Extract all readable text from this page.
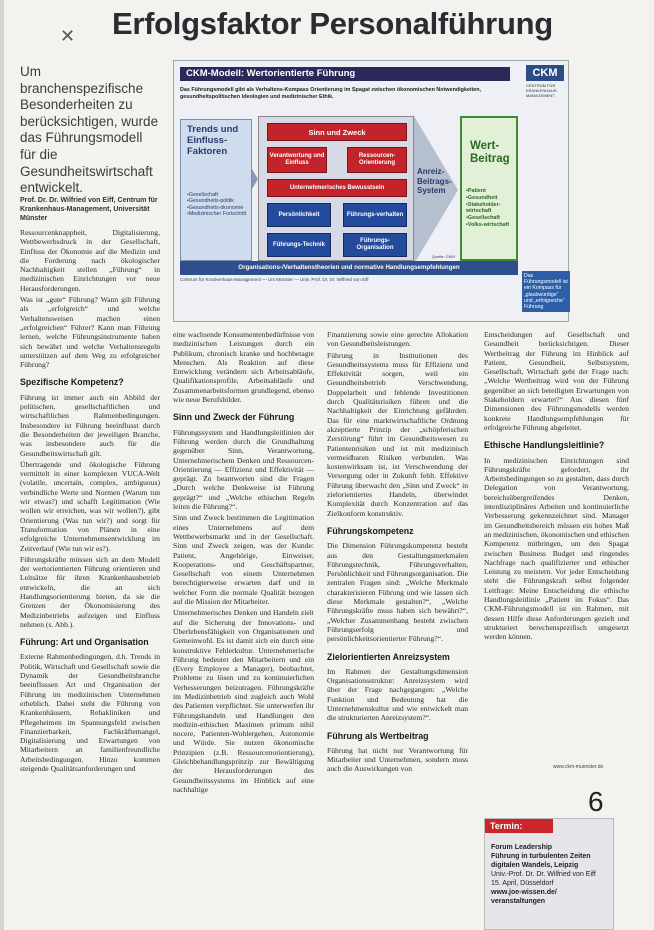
✕ Erfolgsfaktor Personalführung
Um branchenspezifische Besonderheiten zu berücksichtigen, wurde das Führungsmodell für die Gesundheitswirtschaft entwickelt.
Prof. Dr. Dr. Wilfried von Eiff, Centrum für Krankenhaus-Management, Universität Münster
CKM-Modell: Wertorientierte Führung
Das Führungsmodell gibt als Verhaltens-Kompass Orientierung im Spagat zwischen ökonomischen Notwendigkeiten, gesundheitspolitischen Ideologien und medizinischer Ethik.
CKM
CENTRUM FÜR KRANKENHAUS-MANAGEMENT
Trends und Einfluss-Faktoren
•Gesellschaft •Gesundheits-politik •Gesundheits-ökonomie •Medizinischer Fortschritt
Sinn und Zweck
Verantwortung und Einfluss
Ressourcen-Orientierung
Unternehmerisches Bewusstsein
Persönlichkeit	Führungs-verhalten
Führungs-Technik
Führungs-Organisation
Anreiz-Beitrags-System
Quelle: CKM
Wert-Beitrag
•Patient •Gesundheit •Stakeholder-wirtschaft •Gesellschaft •Volks-wirtschaft
Organisations-/Verhaltenstheorien und normative Handlungsempfehlungen
Centrum für Krankenhaus-Management — Uni Münster — Univ. Prof. Dr. Dr. Wilfried von Eiff
Das Führungsmodell ist ein Kompass für „glaubwürdige“ und „erfolgreiche“ Führung

Ressourcenknappheit, Digitalisierung, Wettbewerbsdruck in der Gesellschaft, Einfluss der Ökonomie auf die Medizin und die Forderung nach ökologischer Nachhaltigkeit stellen „Führung“ in medizinischen Einrichtungen vor neue Herausforderungen.

Was ist „gute“ Führung? Wann gilt Führung als „erfolgreich“ und welche Verhaltensweisen machen einen „erfolgreichen“ Führer? Kann man Führung lernen, welche Führungsinstrumente haben sich bewährt und welche Verhaltensregeln unterstützen auf dem Weg zu erfolgreicher Führung?

Spezifische Kompetenz?

Führung ist immer auch ein Abbild der politischen, gesellschaftlichen und wirtschaftlichen Rahmenbedingungen. Insbesondere ist Führung beeinflusst durch die Besonderheiten der jeweiligen Branche, was insbesondere auch für die Gesundheitswirtschaft gilt.

Übertragende und ökologische Führung vermittelt in einer komplexen VUCA-Welt (volatile, uncertain, complex, ambiguous) verbindliche Werte und Normen (Warum tun wir etwas?) und schafft Legitimation (Wie wollen wir erreichen, was wir wollen?), gibt Orientierung (Was tun wir?) und sorgt für Transformation von Plänen in eine erfolgreiche Unternehmensentwicklung im Zeitverlauf (Wie tun wir es?).

Führungskräfte müssen sich an dem Modell der wertorientierten Führung orientieren und Leitsätze für ihren Krankenhausbetrieb entwickeln, die an sich Handlungsorientierung bieten, da sie die Grenzen der Ökonomisierung des Medizinbetriebs aufzeigen und Einfluss nehmen (s. Abb.).

Führung: Art und Organisation

Externe Rahmenbedingungen, d.h. Trends in Politik, Wirtschaft und Gesellschaft sowie die Dynamik der Gesundheitsbranche beeinflussen Art und Organisation der Führung im medizinischen Unternehmen erheblich. Dabei steht die Führung von Krankenhäusern, Rehakliniken und Pflegeheimen im Spannungsfeld zwischen Finanzierbarkeit, Fachkräftemangel, Digitalisierung und Erwartungen von Mitarbeitern an familienfreundliche Arbeitsbedingungen. Hinzu kommen steigende Qualitätsanforderungen und

eine wachsende Konsumentenbedürfnisse von medizinischen Leistungen durch ein Publikum, chronisch kranke und hochbetagte Menschen. Als Reaktion auf diese Entwicklung verändern sich Arbeitsabläufe, Qualifikationsprofile, Arbeitsabläufe und Zusammenarbeitsformen grundlegend, ebenso wie neue Berufsbilder.

Sinn und Zweck der Führung

Führungssystem und Handlungsleitlinien der Führung werden durch die Grundhaltung gegenüber Sinn, Verantwortung, Unternehmerischem Denken und Ressourcen-Orientierung — Effizienz und Effektivität — geprägt. Zu beantworten sind die Fragen „Durch welche Denkweise ist Führung geprägt?“ und „Welche ethischen Regeln leiten die Führung?“.

Sinn und Zweck bestimmen die Legitimation eines Unternehmens auf dem Wettbewerbsmarkt und in der Gesellschaft. Sinn und Zweck zeigen, was der Kunde: Patient, Angehörige, Einweiser, Kooperations- und Geschäftspartner, Gesellschaft von einem Unternehmen berechtigterweise erwarten darf und in welcher Form die normale Qualität bezogen auf die Mission der Mitarbeiter.

Unternehmerisches Denken und Handeln zielt auf die Sicherung der Innovations- und Überlebensfähigkeit von Organisationen und Gemeinwohl. Es ist damit sich ein durch eine konstruktive Fehlerkultur. Unternehmerische Führung bedeutet den Mitarbeitern und ein (Every Employee a Manager), beobachtet, Probleme zu lösen und zu kontinuierlichen Verbesserungen beizutragen. Führungskräfte im Medizinbetrieb sind zugleich auch Wohl des Patienten verpflichtet. Sie unterwerfen ihr Führungshandeln und Handlungen den medizin-ethischen Maximen primum nihil nocere, Patienten-Wohlergehen, Autonomie und Würde. Sie nutzen ökonomische Prinzipien (z.B. Ressourcenorientierung), Gleichbehandlungsprinzip zur Bewältigung der Herausforderungen des Gesundheitssystems im Hinblick auf eine nachhaltige

Finanzierung sowie eine gerechte Allokation von Gesundheitsleistungen.

Führung in Institutionen des Gesundheitssystems muss für Effizienz und Effektivität sorgen, weil ein Gesundheitsbetrieb Verschwendung, Doppelarbeit und fehlende Investitionen durch Qualitätsrisiken führen und die Nachhaltigkeit der Einrichtung gefährden. Das für eine marktwirtschaftliche Ordnung akzeptierte Prinzip der „schöpferischen Zerstörung“ führt im Gesundheitswesen zu Patientenrisiken und ist mit medizinisch vermeidbaren Risiken verbunden. Was kostenwirksam ist, ist Verschwendung der Versorgung oder in Zukunft fehlt. Effektive Führung überwacht den „Sinn und Zweck“ in zielorientiertes Handeln, überwindet Komplexität durch Konzentration auf das Zielkonform konstruktiv.

Führungskompetenz

Die Dimension Führungskompetenz besteht aus den Gestaltungsmerkmalen Führungstechnik, Führungsverhalten, Persönlichkeit und Führungsorganisation. Die zentralen Fragen sind: „Welche Merkmale charakterisieren Führung und wie lassen sich diese Merkmale gestalten?“, „Welche Führungskräfte muss haben sich bewährt?“, „Welcher Zusammenhang besteht zwischen Führungserfolg und persönlichkeitsorientierter Führung?“.

Zielorientierten Anreizsystem

Im Rahmen der Gestaltungsdimension Organisationsstruktur: Anreizsystem wird über der Frage nachgegangen: „Welche Funktion und Bedeutung hat die Unternehmenskultur und wie entwickelt man die strukturierten Anreizsystem?“.

Führung als Wertbeitrag

Führung hat nicht nur Verantwortung für Mitarbeiter und Unternehmen, sondern muss auch die Auswirkungen von

Entscheidungen auf Gesellschaft und Gesundheit berücksichtigen. Dieser Wertbeitrag der Führung im Hinblick auf Patient, Gesundheit, Selbstsystem, Gesellschaft, Wirtschaft geht der Frage nach: „Welche Wertbeitrag wird von der Führung gegenüber an sich beteiligten Erwartungen von Stakeholdern erwartet?“ Aus diesen fünf Dimensionen des Führungsmodells werden konkrete Handlungsempfehlungen für erfolgreiche Führung abgeleitet.

Ethische Handlungsleitlinie?

In medizinischen Einrichtungen sind Führungskräfte gefordert, ihr Arbeitsbedingungen so zu gestalten, dass durch Delegation von Verantwortung, bereichsübergreifendes Denken, interdisziplinäres Arbeiten und kontinuierliche Verbesserung gekennzeichnet sind. Manager im Gesundheitsbereich müssen ein hohes Maß an medizinischen, ökonomischen und ethischen Kompetenz mitbringen, um den Spagat zwischen Business Budget und ringendes Nachfrage nach qualifizierter und ethischer Leistung zu meistern. Vor jeder Entscheidung steht die Führungskraft selbst folgender Leitfrage: Meine Entscheidung die ethische Handlungsleitlinie „Patient im Fokus“. Das CKM-Führungsmodell ist ein Rahmen, mit dessen Hilfe diese Anforderungen gezielt und strukturiert berechenspezifisch umgesetzt werden können.

www.ckm-muenster.de
6
Termin:
Forum Leadership
Führung in turbulenten Zeiten
digitalen Wandels, Leipzig
Univ.-Prof. Dr. Dr. Wilfried von Eiff
15. April, Düsseldorf
www.joe-wissen.de/
veranstaltungen
